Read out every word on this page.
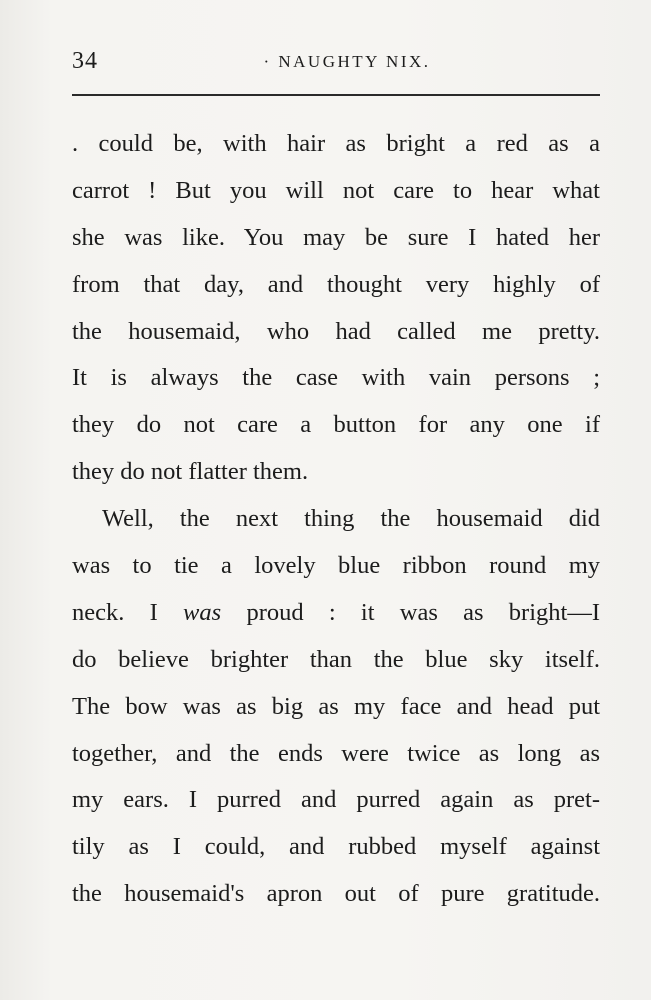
34	· NAUGHTY NIX.
. could be, with hair as bright a red as a
carrot ! But you will not care to hear what
she was like. You may be sure I hated her
from that day, and thought very highly of
the housemaid, who had called me pretty.
It is always the case with vain persons ;
they do not care a button for any one if
they do not flatter them.
Well, the next thing the housemaid did
was to tie a lovely blue ribbon round my
neck. I was proud : it was as bright—I
do believe brighter than the blue sky itself.
The bow was as big as my face and head put
together, and the ends were twice as long as
my ears. I purred and purred again as pret-
tily as I could, and rubbed myself against
the housemaid's apron out of pure gratitude.
